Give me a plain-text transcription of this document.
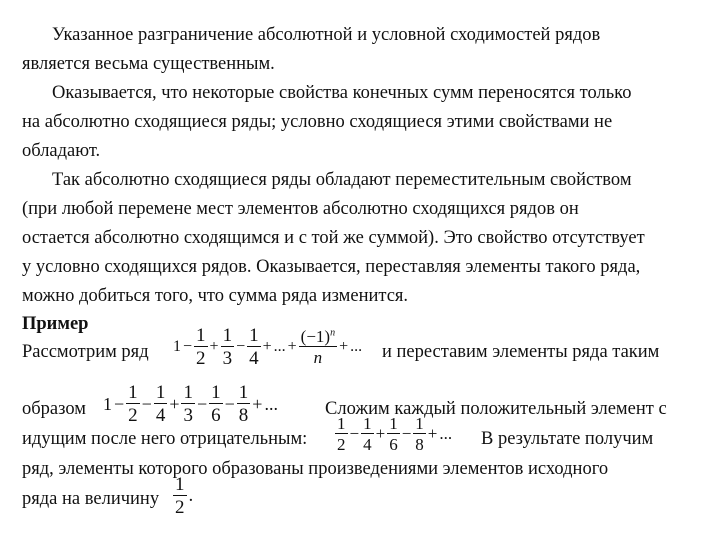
Указанное разграничение абсолютной и условной сходимостей рядов
является весьма существенным.
Оказывается, что некоторые свойства конечных сумм переносятся только
на абсолютно сходящиеся ряды; условно сходящиеся этими свойствами не
обладают.
Так абсолютно сходящиеся ряды обладают переместительным свойством
(при любой перемене мест элементов абсолютно сходящихся рядов он
остается абсолютно сходящимся и с той же суммой). Это свойство отсутствует
у условно сходящихся рядов. Оказывается, переставляя элементы такого ряда,
можно добиться того, что сумма ряда изменится.
Пример
Рассмотрим ряд $1 - \frac{1}{2} + \frac{1}{3} - \frac{1}{4}$ + ... + $\frac{(-1)^n}{n}$ + ... и переставим элементы ряда таким
образом $1 - \frac{1}{2} - \frac{1}{4} + \frac{1}{3} - \frac{1}{6} - \frac{1}{8}$ + ...	Сложим каждый положительный элемент с
идущим после него отрицательным: $\frac{1}{2} - \frac{1}{4} + \frac{1}{6} - \frac{1}{8}$ + ... В результате получим
ряд, элементы которого образованы произведениями элементов исходного
ряда на величину $\frac{1}{2}$ .
